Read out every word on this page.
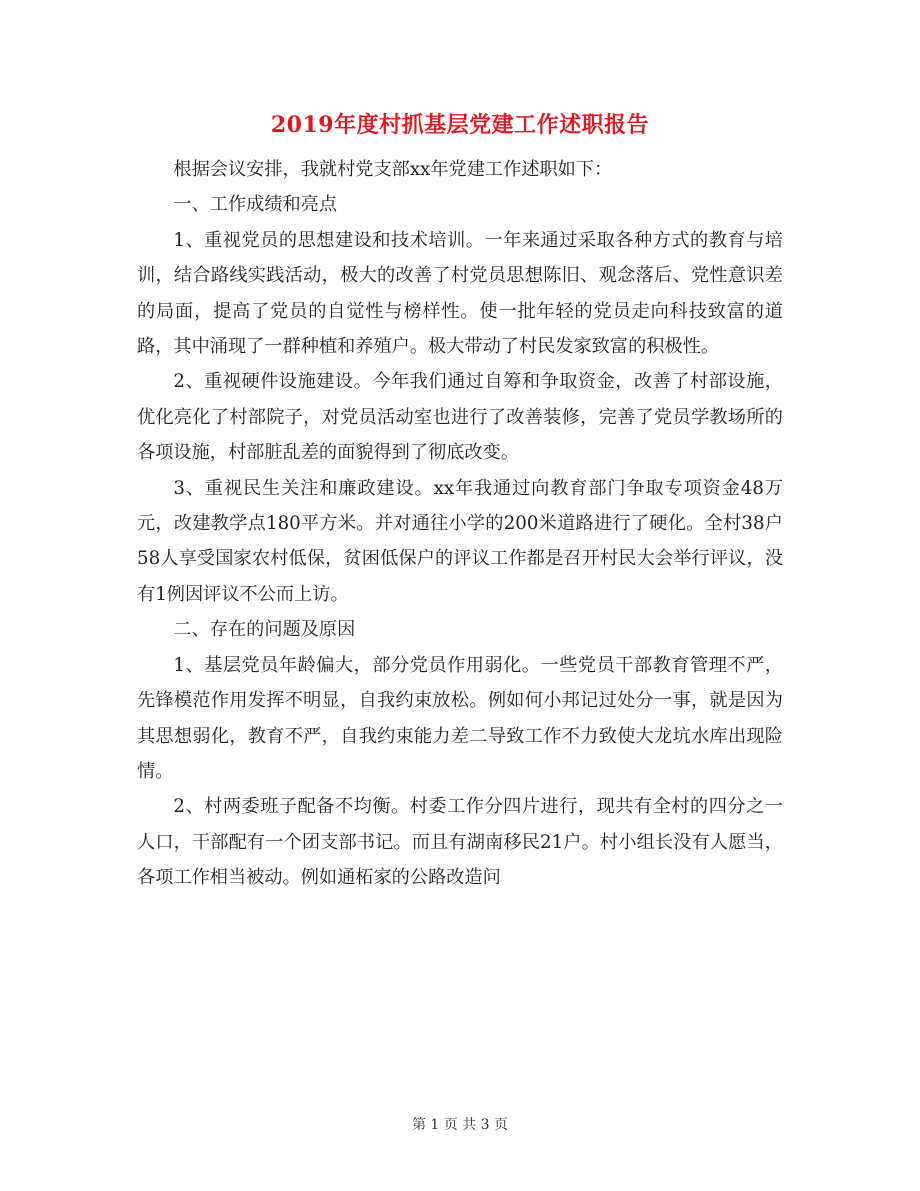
2019年度村抓基层党建工作述职报告

根据会议安排，我就村党支部xx年党建工作述职如下：

一、工作成绩和亮点

1、重视党员的思想建设和技术培训。一年来通过采取各种方式的教育与培训，结合路线实践活动，极大的改善了村党员思想陈旧、观念落后、党性意识差的局面，提高了党员的自觉性与榜样性。使一批年轻的党员走向科技致富的道路，其中涌现了一群种植和养殖户。极大带动了村民发家致富的积极性。

2、重视硬件设施建设。今年我们通过自筹和争取资金，改善了村部设施，优化亮化了村部院子，对党员活动室也进行了改善装修，完善了党员学教场所的各项设施，村部脏乱差的面貌得到了彻底改变。

3、重视民生关注和廉政建设。xx年我通过向教育部门争取专项资金48万元，改建教学点180平方米。并对通往小学的200米道路进行了硬化。全村38户58人享受国家农村低保，贫困低保户的评议工作都是召开村民大会举行评议，没有1例因评议不公而上访。

二、存在的问题及原因

1、基层党员年龄偏大，部分党员作用弱化。一些党员干部教育管理不严，先锋模范作用发挥不明显，自我约束放松。例如何小邦记过处分一事，就是因为其思想弱化，教育不严，自我约束能力差二导致工作不力致使大龙坑水库出现险情。

2、村两委班子配备不均衡。村委工作分四片进行，现共有全村的四分之一人口，干部配有一个团支部书记。而且有湖南移民21户。村小组长没有人愿当，各项工作相当被动。例如通柘家的公路改造问

第 1 页 共 3 页
